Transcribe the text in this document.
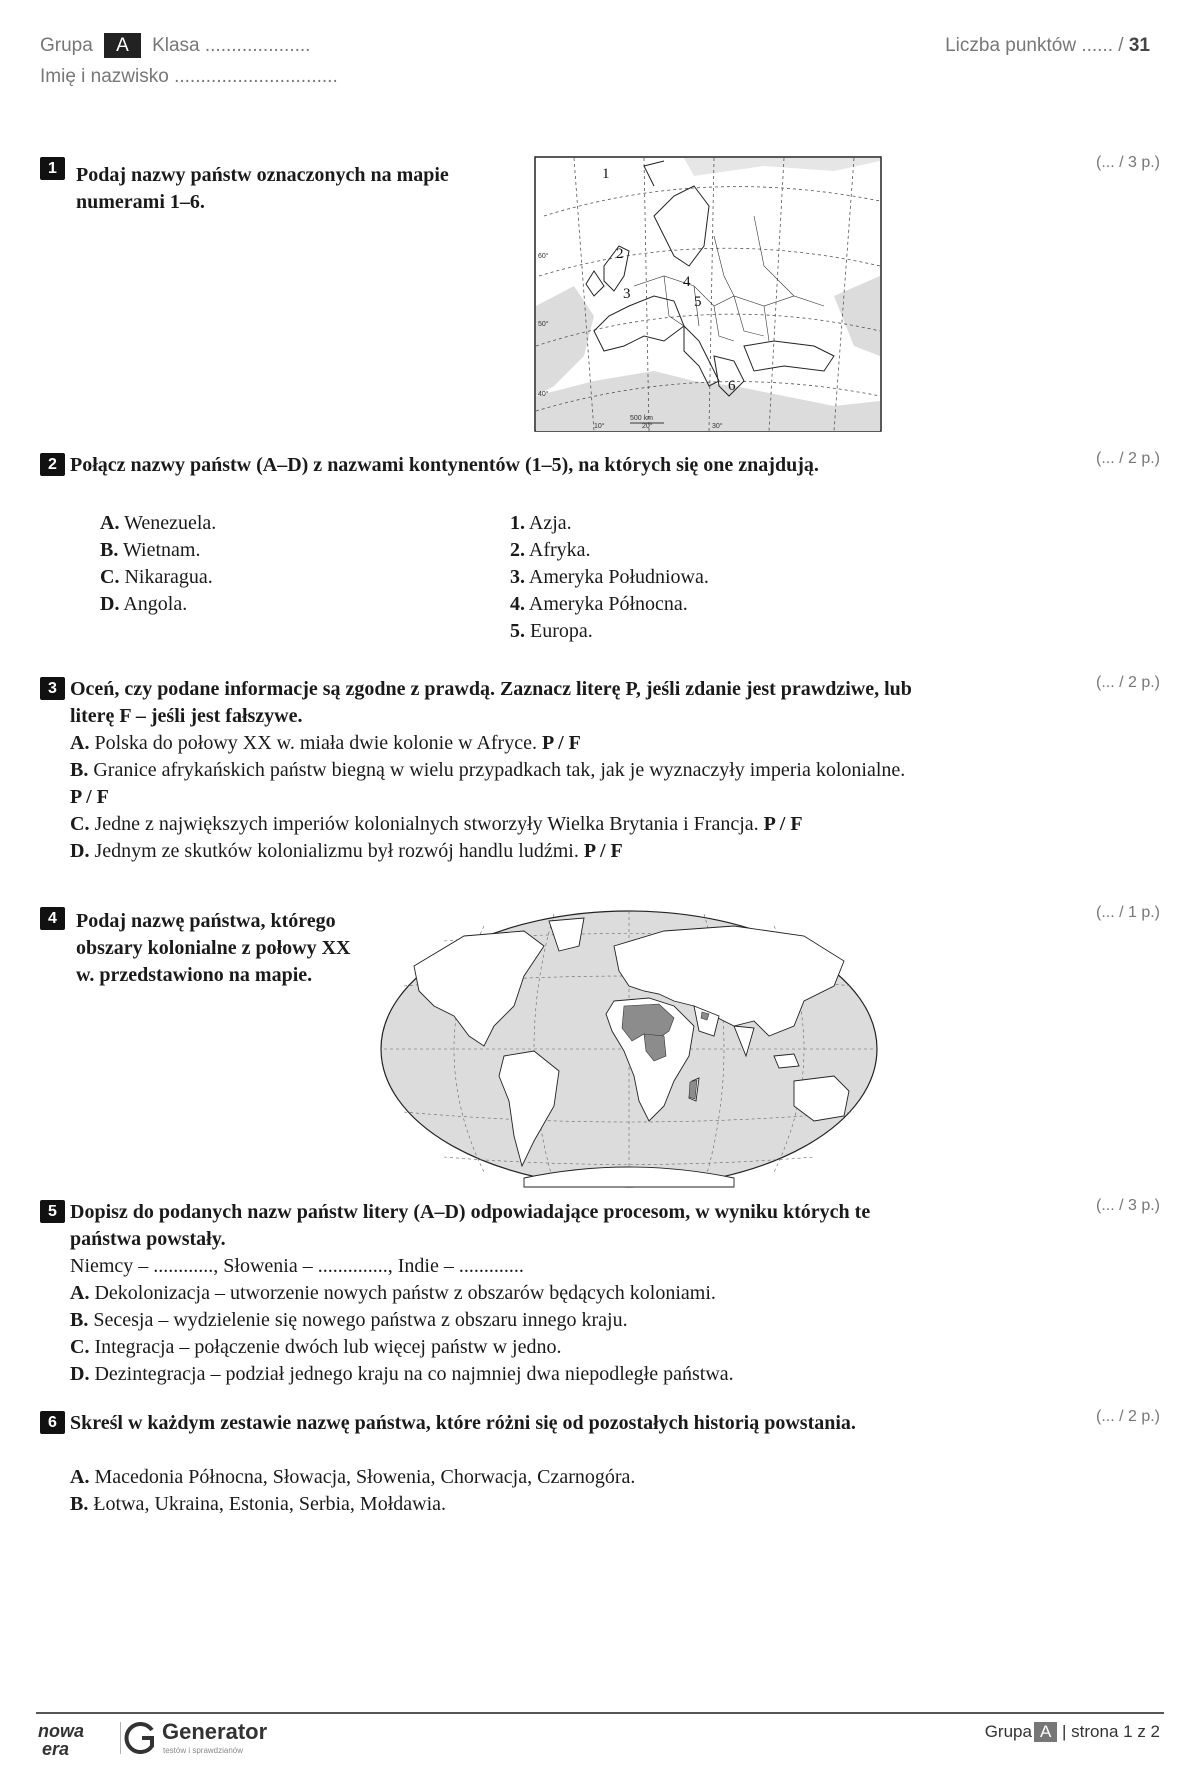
Grupa A Klasa ....................
Imię i nazwisko ...............................
Liczba punktów ...... / 31
1 Podaj nazwy państw oznaczonych na mapie numerami 1–6.
(... / 3 p.)
1
2
3
4
5
6
10°	20°	30°
60°
50°
40°
500 km
2 Połącz nazwy państw (A–D) z nazwami kontynentów (1–5), na których się one znajdują.	(... / 2 p.)
A. Wenezuela.
B. Wietnam.
C. Nikaragua.
D. Angola.
1. Azja.
2. Afryka.
3. Ameryka Południowa.
4. Ameryka Północna.
5. Europa.
3 Oceń, czy podane informacje są zgodne z prawdą. Zaznacz literę P, jeśli zdanie jest prawdziwe, lub literę F – jeśli jest fałszywe.
(... / 2 p.)
A. Polska do połowy XX w. miała dwie kolonie w Afryce. P / F
B. Granice afrykańskich państw biegną w wielu przypadkach tak, jak je wyznaczyły imperia kolonialne. P / F
C. Jedne z największych imperiów kolonialnych stworzyły Wielka Brytania i Francja. P / F
D. Jednym ze skutków kolonializmu był rozwój handlu ludźmi. P / F
4 Podaj nazwę państwa, którego obszary kolonialne z połowy XX w. przedstawiono na mapie.
(... / 1 p.)
5 Dopisz do podanych nazw państw litery (A–D) odpowiadające procesom, w wyniku których te państwa powstały.
(... / 3 p.)
Niemcy – ............, Słowenia – .............., Indie – .............
A. Dekolonizacja – utworzenie nowych państw z obszarów będących koloniami.
B. Secesja – wydzielenie się nowego państwa z obszaru innego kraju.
C. Integracja – połączenie dwóch lub więcej państw w jedno.
D. Dezintegracja – podział jednego kraju na co najmniej dwa niepodległe państwa.
6 Skreśl w każdym zestawie nazwę państwa, które różni się od pozostałych historią powstania.	(... / 2 p.)
A. Macedonia Północna, Słowacja, Słowenia, Chorwacja, Czarnogóra.
B. Łotwa, Ukraina, Estonia, Serbia, Mołdawia.
nowa
era
Generator
testów i sprawdzianów
Grupa A | strona 1 z 2
